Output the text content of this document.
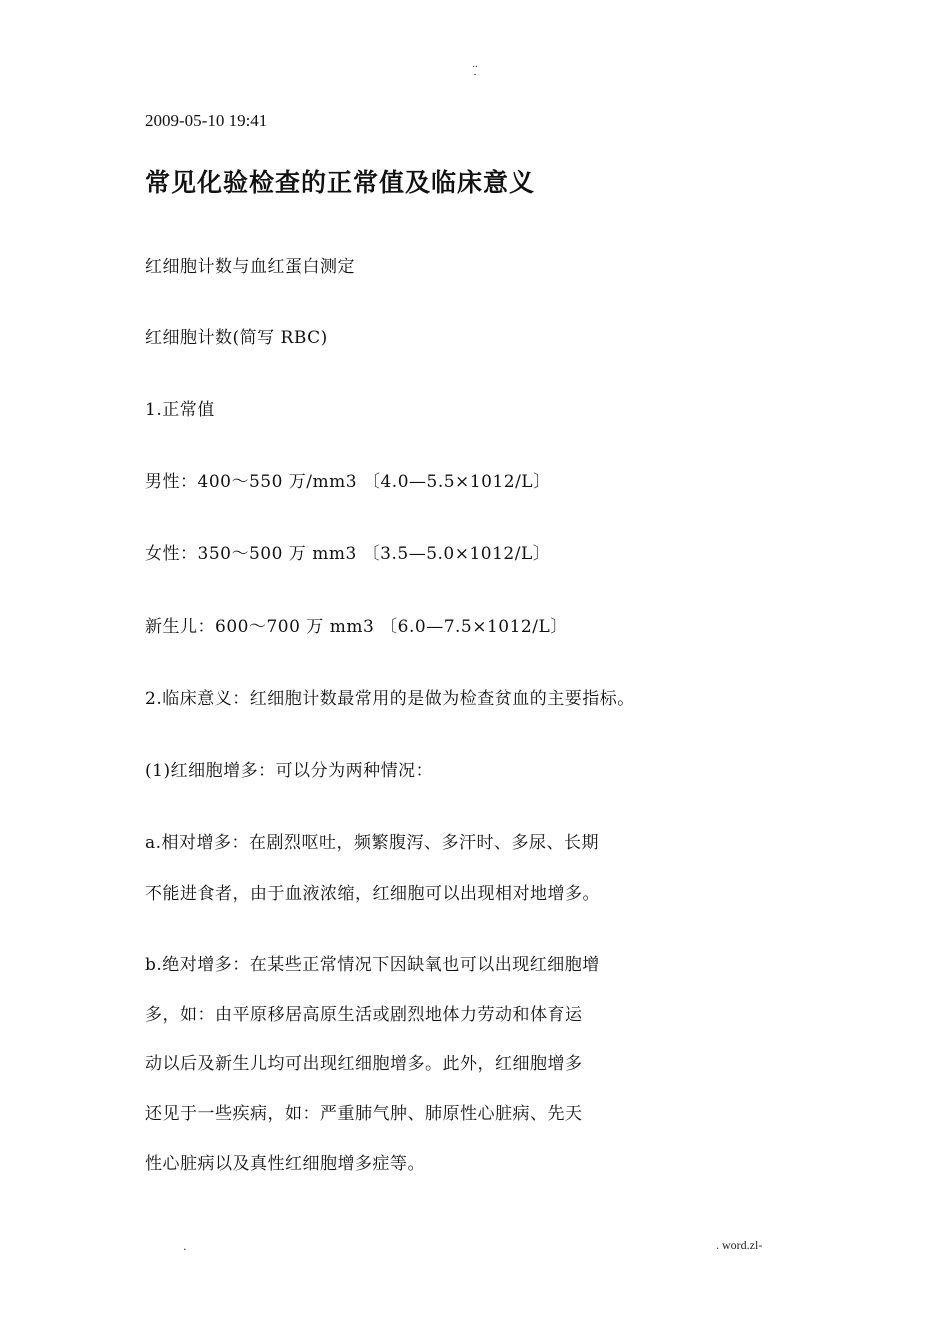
..
-
2009-05-10 19:41
常见化验检查的正常值及临床意义
红细胞计数与血红蛋白测定
红细胞计数(简写 RBC)
1.正常值
男性：400～550 万/mm3 〔4.0—5.5×1012/L〕
女性：350～500 万 mm3 〔3.5—5.0×1012/L〕
新生儿：600～700 万 mm3 〔6.0—7.5×1012/L〕
2.临床意义：红细胞计数最常用的是做为检查贫血的主要指标。
(1)红细胞增多：可以分为两种情况：
a.相对增多：在剧烈呕吐，频繁腹泻、多汗时、多尿、长期
不能进食者，由于血液浓缩，红细胞可以出现相对地增多。
b.绝对增多：在某些正常情况下因缺氧也可以出现红细胞增
多，如：由平原移居高原生活或剧烈地体力劳动和体育运
动以后及新生儿均可出现红细胞增多。此外，红细胞增多
还见于一些疾病，如：严重肺气肿、肺原性心脏病、先天
性心脏病以及真性红细胞增多症等。
.	. word.zl-
